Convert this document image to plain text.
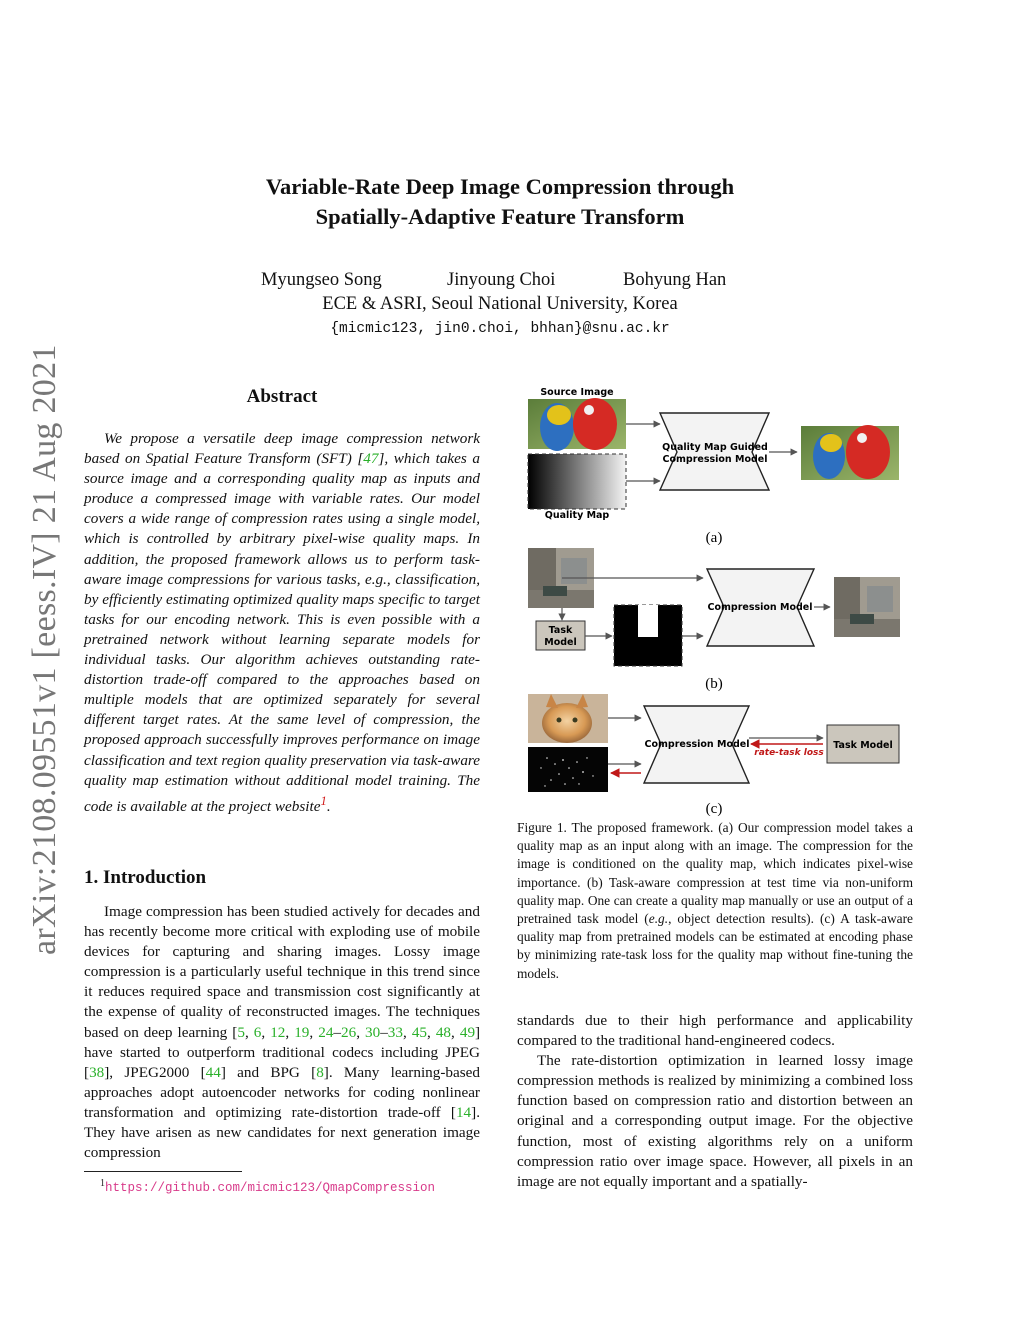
Variable-Rate Deep Image Compression through
Spatially-Adaptive Feature Transform
Myungseo Song	Jinyoung Choi	Bohyung Han
ECE & ASRI, Seoul National University, Korea
{micmic123, jin0.choi, bhhan}@snu.ac.kr
arXiv:2108.09551v1 [eess.IV] 21 Aug 2021	Abstract

We propose a versatile deep image compression network based on Spatial Feature Transform (SFT) [47], which takes a source image and a corresponding quality map as inputs and produce a compressed image with variable rates. Our model covers a wide range of compression rates using a single model, which is controlled by arbitrary pixel-wise quality maps. In addition, the proposed framework allows us to perform task-aware image compressions for various tasks, e.g., classification, by efficiently estimating optimized quality maps specific to target tasks for our encoding network. This is even possible with a pretrained network without learning separate models for individual tasks. Our algorithm achieves outstanding rate-distortion trade-off compared to the approaches based on multiple models that are optimized separately for several different target rates. At the same level of compression, the proposed approach successfully improves performance on image classification and text region quality preservation via task-aware quality map estimation without additional model training. The code is available at the project website$^1$.

1. Introduction

Image compression has been studied actively for decades and has recently become more critical with exploding use of mobile devices for capturing and sharing images. Lossy image compression is a particularly useful technique in this trend since it reduces required space and transmission cost significantly at the expense of quality of reconstructed images. The techniques based on deep learning [5, 6, 12, 19, 24–26, 30–33, 45, 48, 49] have started to outperform traditional codecs including JPEG [38], JPEG2000 [44] and BPG [8]. Many learning-based approaches adopt autoencoder networks for coding nonlinear transformation and optimizing rate-distortion trade-off [14]. They have arisen as new candidates for next generation image compression

$^1$https://github.com/micmic123/QmapCompression
Source Image
Quality Map
Quality Map Guided
Compression Model
(a)
Task
Model
Compression Model
(b)
Compression Model
rate-task loss
Task Model
(c)

Figure 1. The proposed framework. (a) Our compression model takes a quality map as an input along with an image. The compression for the image is conditioned on the quality map, which indicates pixel-wise importance. (b) Task-aware compression at test time via non-uniform quality map. One can create a quality map manually or use an output of a pretrained task model (e.g., object detection results). (c) A task-aware quality map from pretrained models can be estimated at encoding phase by minimizing rate-task loss for the quality map without fine-tuning the models.

standards due to their high performance and applicability compared to the traditional hand-engineered codecs.
The rate-distortion optimization in learned lossy image compression methods is realized by minimizing a combined loss function based on compression ratio and distortion between an original and a corresponding output image. For the objective function, most of existing algorithms rely on a uniform compression ratio over image space. However, all pixels in an image are not equally important and a spatially-
